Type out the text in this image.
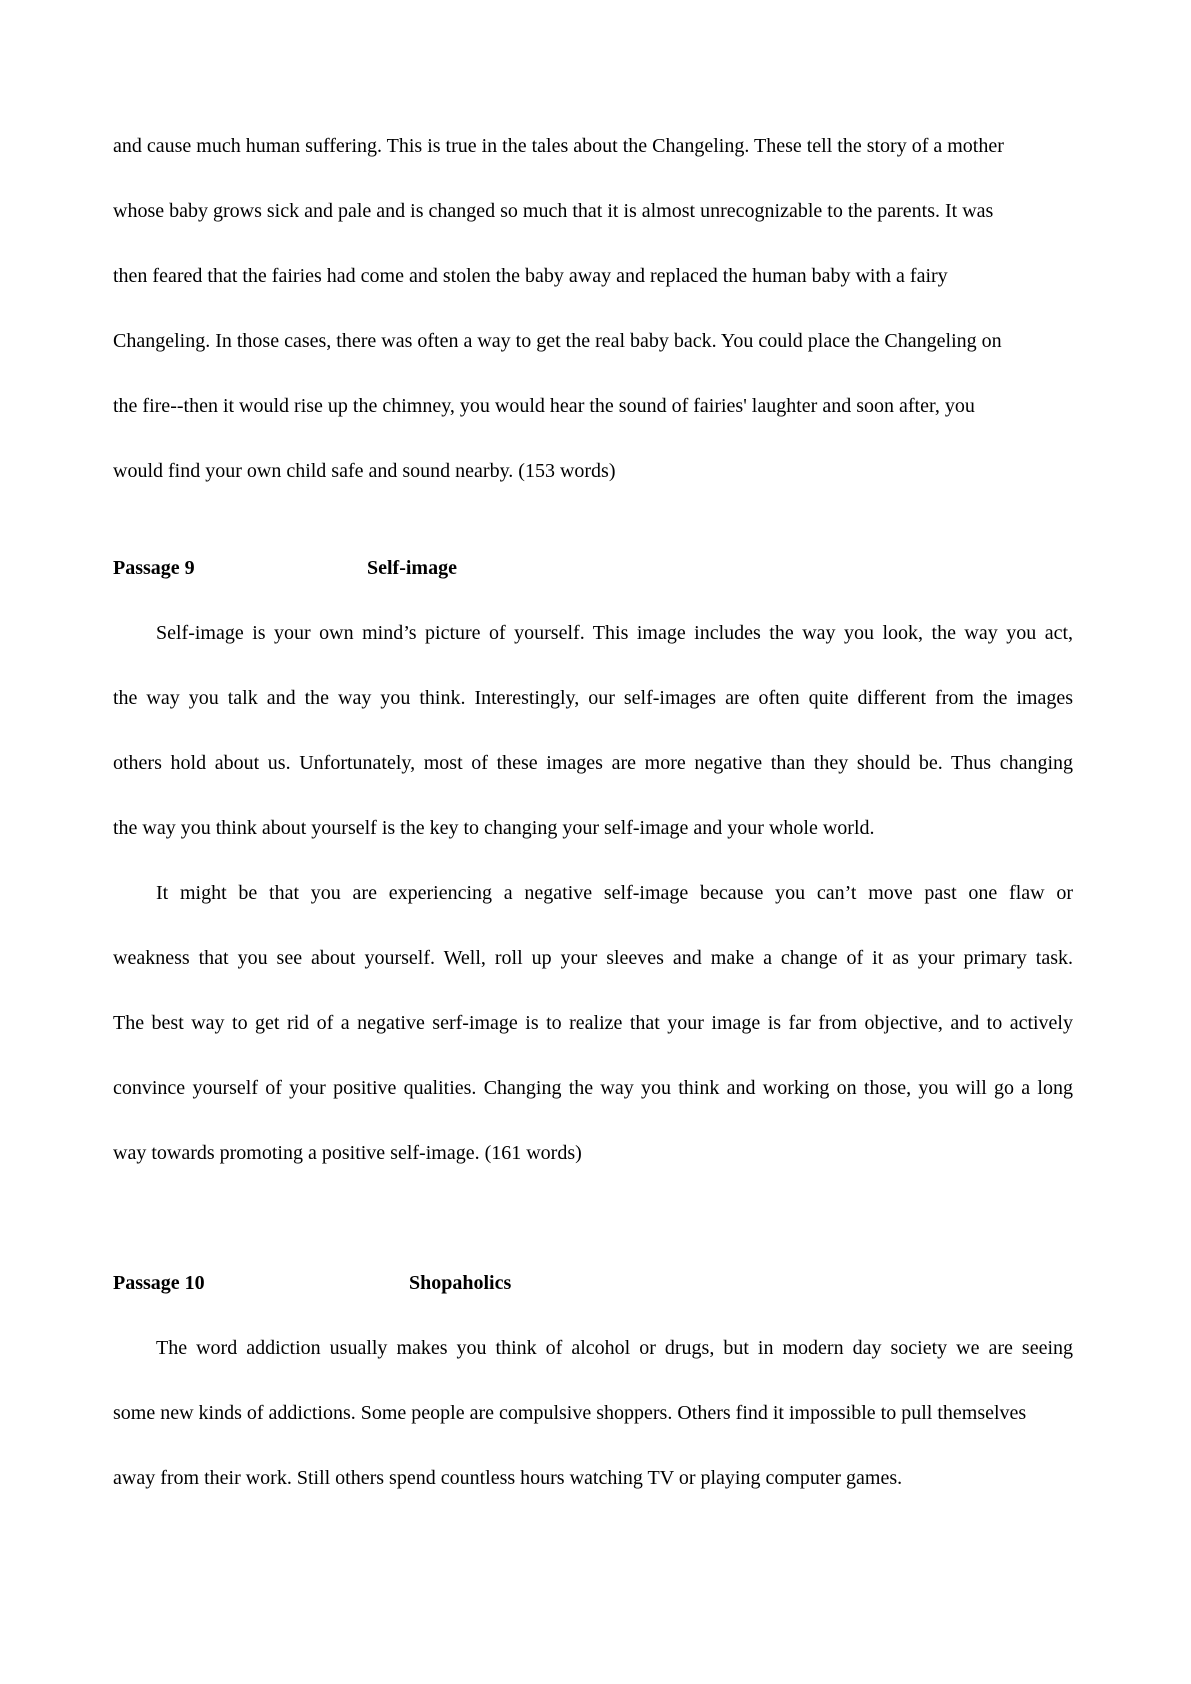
and cause much human suffering. This is true in the tales about the Changeling. These tell the story of a mother
whose baby grows sick and pale and is changed so much that it is almost unrecognizable to the parents. It was
then feared that the fairies had come and stolen the baby away and replaced the human baby with a fairy
Changeling. In those cases, there was often a way to get the real baby back. You could place the Changeling on
the fire--then it would rise up the chimney, you would hear the sound of fairies' laughter and soon after, you
would find your own child safe and sound nearby. (153 words)
Passage 9	Self-image
Self-image is your own mind’s picture of yourself. This image includes the way you look, the way you act,
the way you talk and the way you think. Interestingly, our self-images are often quite different from the images
others hold about us. Unfortunately, most of these images are more negative than they should be. Thus changing
the way you think about yourself is the key to changing your self-image and your whole world.
It might be that you are experiencing a negative self-image because you can’t move past one flaw or
weakness that you see about yourself. Well, roll up your sleeves and make a change of it as your primary task.
The best way to get rid of a negative serf-image is to realize that your image is far from objective, and to actively
convince yourself of your positive qualities. Changing the way you think and working on those, you will go a long
way towards promoting a positive self-image. (161 words)
Passage 10	Shopaholics
The word addiction usually makes you think of alcohol or drugs, but in modern day society we are seeing
some new kinds of addictions. Some people are compulsive shoppers. Others find it impossible to pull themselves
away from their work. Still others spend countless hours watching TV or playing computer games.
